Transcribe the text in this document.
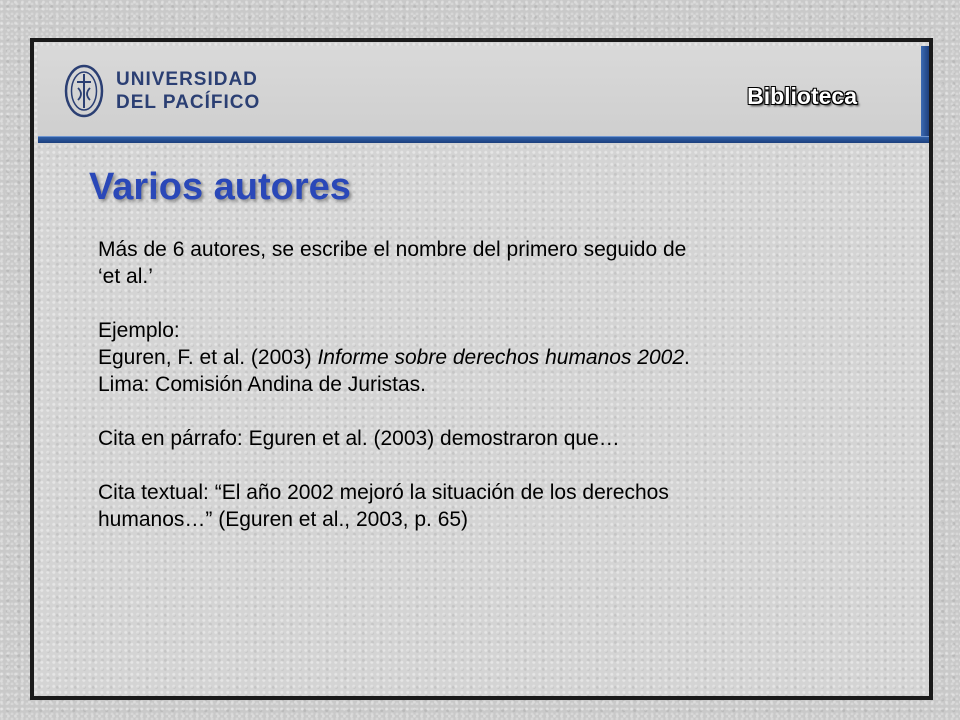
UNIVERSIDAD
DEL PACÍFICO	Biblioteca
Varios autores

Más de 6 autores, se escribe el nombre del primero seguido de

‘et al.’

Ejemplo:

Eguren, F. et al. (2003) Informe sobre derechos humanos 2002.

Lima: Comisión Andina de Juristas.

Cita en párrafo: Eguren et al. (2003) demostraron que…

Cita textual: “El año 2002 mejoró la situación de los derechos

humanos…” (Eguren et al., 2003, p. 65)
